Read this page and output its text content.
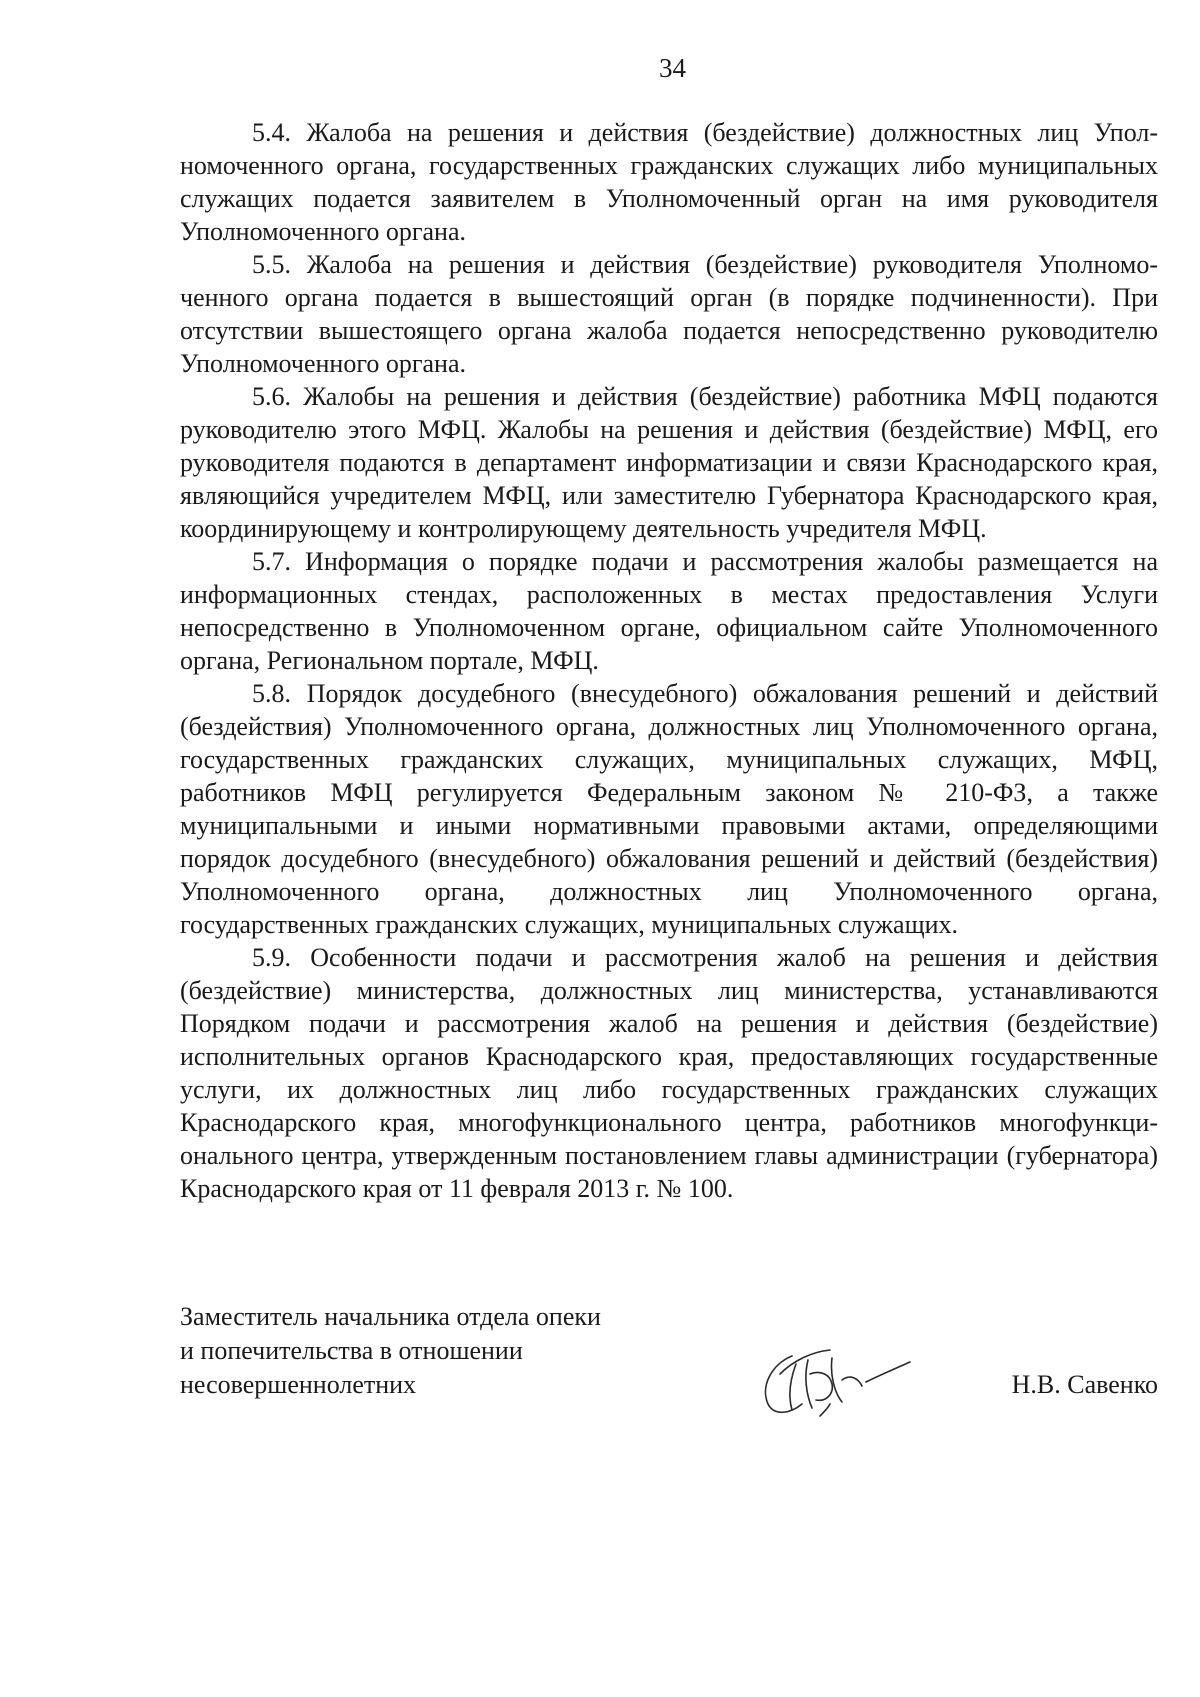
34

5.4. Жалоба на решения и действия (бездействие) должностных лиц Уполномоченного органа, государственных гражданских служащих либо муниципальных служащих подается заявителем в Уполномоченный орган на имя руководителя Уполномоченного органа.

5.5. Жалоба на решения и действия (бездействие) руководителя Уполномоченного органа подается в вышестоящий орган (в порядке подчиненности). При отсутствии вышестоящего органа жалоба подается непосредственно руководителю Уполномоченного органа.

5.6. Жалобы на решения и действия (бездействие) работника МФЦ подаются руководителю этого МФЦ. Жалобы на решения и действия (бездействие) МФЦ, его руководителя подаются в департамент информатизации и связи Краснодарского края, являющийся учредителем МФЦ, или заместителю Губернатора Краснодарского края, координирующему и контролирующему деятельность учредителя МФЦ.

5.7. Информация о порядке подачи и рассмотрения жалобы размещается на информационных стендах, расположенных в местах предоставления Услуги непосредственно в Уполномоченном органе, официальном сайте Уполномоченного органа, Региональном портале, МФЦ.

5.8. Порядок досудебного (внесудебного) обжалования решений и действий (бездействия) Уполномоченного органа, должностных лиц Уполномоченного органа, государственных гражданских служащих, муниципальных служащих, МФЦ, работников МФЦ регулируется Федеральным законом № 210-ФЗ, а также муниципальными и иными нормативными правовыми актами, определяющими порядок досудебного (внесудебного) обжалования решений и действий (бездействия) Уполномоченного органа, должностных лиц Уполномоченного органа, государственных гражданских служащих, муниципальных служащих.

5.9. Особенности подачи и рассмотрения жалоб на решения и действия (бездействие) министерства, должностных лиц министерства, устанавливаются Порядком подачи и рассмотрения жалоб на решения и действия (бездействие) исполнительных органов Краснодарского края, предоставляющих государственные услуги, их должностных лиц либо государственных гражданских служащих Краснодарского края, многофункционального центра, работников многофункционального центра, утвержденным постановлением главы администрации (губернатора) Краснодарского края от 11 февраля 2013 г. № 100.

Заместитель начальника отдела опеки
и попечительства в отношении
несовершеннолетних	Н.В. Савенко
